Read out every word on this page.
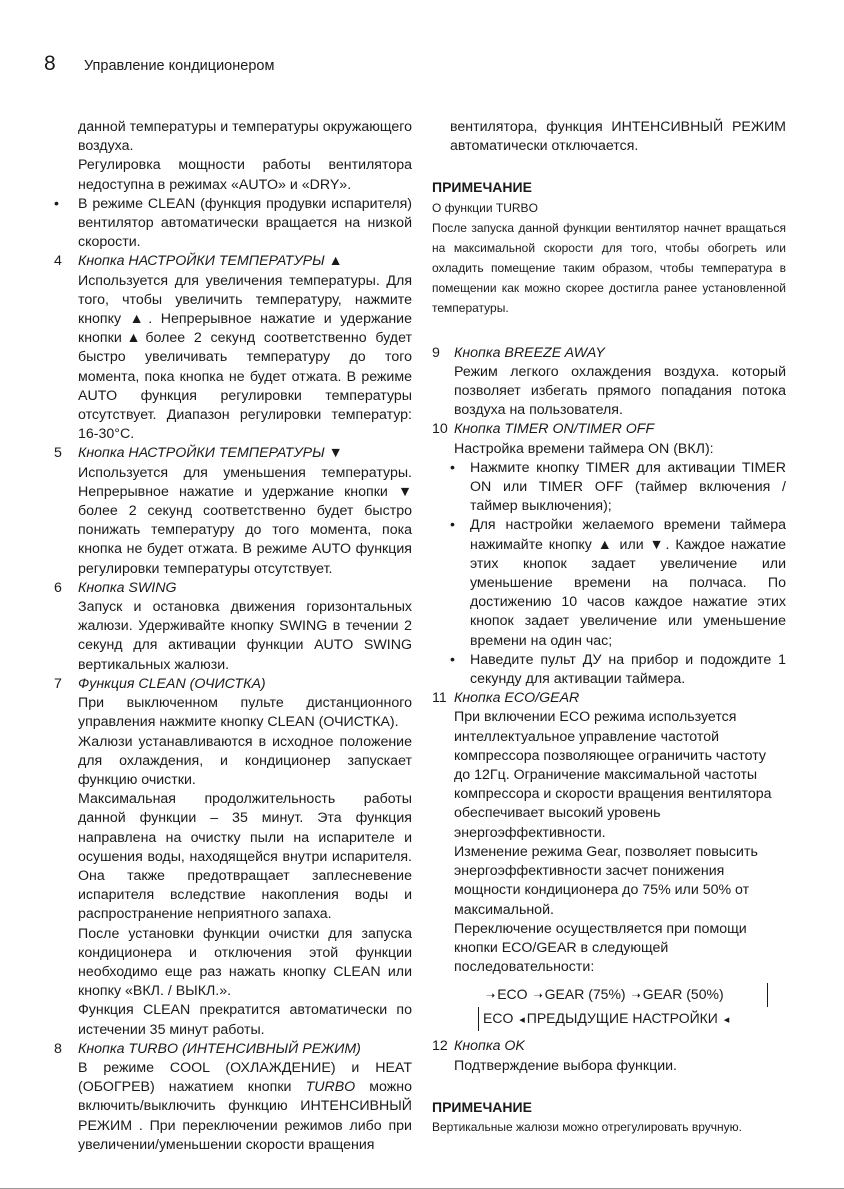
8	Управление кондиционером

данной температуры и температуры окружающего воздуха.

Регулировка мощности работы вентилятора недоступна в режимах «AUTO» и «DRY».

•	В режиме CLEAN (функция продувки испарителя) вентилятор автоматически вращается на низкой скорости.

4	Кнопка НАСТРОЙКИ ТЕМПЕРАТУРЫ ▲

Используется для увеличения температуры. Для того, чтобы увеличить температуру, нажмите кнопку ▲. Непрерывное нажатие и удержание кнопки▲более 2 секунд соответственно будет быстро увеличивать температуру до того момента, пока кнопка не будет отжата. В режиме AUTO функция регулировки температуры отсутствует. Диапазон регулировки температур: 16-30°С.

5	Кнопка НАСТРОЙКИ ТЕМПЕРАТУРЫ ▼

Используется для уменьшения температуры. Непрерывное нажатие и удержание кнопки ▼ более 2 секунд соответственно будет быстро понижать температуру до того момента, пока кнопка не будет отжата. В режиме AUTO функция регулировки температуры отсутствует.

6	Кнопка SWING

Запуск и остановка движения горизонтальных жалюзи. Удерживайте кнопку SWING в течении 2 секунд для активации функции AUTO SWING вертикальных жалюзи.

7	Функция CLEAN (ОЧИСТКА)

При выключенном пульте дистанционного управления нажмите кнопку CLEAN (ОЧИСТКА).

Жалюзи устанавливаются в исходное положение для охлаждения, и кондиционер запускает функцию очистки.

Максимальная продолжительность работы данной функции – 35 минут. Эта функция направлена на очистку пыли на испарителе и осушения воды, находящейся внутри испарителя. Она также предотвращает заплесневение испарителя вследствие накопления воды и распространение неприятного запаха.

После установки функции очистки для запуска кондиционера и отключения этой функции необходимо еще раз нажать кнопку CLEAN или кнопку «ВКЛ. / ВЫКЛ.».

Функция CLEAN прекратится автоматически по истечении 35 минут работы.

8	Кнопка TURBO (ИНТЕНСИВНЫЙ РЕЖИМ)

В режиме COOL (ОХЛАЖДЕНИЕ) и HEAT (ОБОГРЕВ) нажатием кнопки TURBO можно включить/выключить функцию ИНТЕНСИВНЫЙ РЕЖИМ . При переключении режимов либо при увеличении/уменьшении скорости вращения

вентилятора, функция ИНТЕНСИВНЫЙ РЕЖИМ автоматически отключается.

ПРИМЕЧАНИЕ

О функции TURBO

После запуска данной функции вентилятор начнет вращаться на максимальной скорости для того, чтобы обогреть или охладить помещение таким образом, чтобы температура в помещении как можно скорее достигла ранее установленной температуры.

9 Кнопка BREEZE AWAY

Режим легкого охлаждения воздуха. который позволяет избегать прямого попадания потока воздуха на пользователя.

10 Кнопка TIMER ON/TIMER OFF

Настройка времени таймера ON (ВКЛ):

•	Нажмите кнопку TIMER для активации TIMER ON или TIMER OFF (таймер включения / таймер выключения);

•	Для настройки желаемого времени таймера нажимайте кнопку ▲ или ▼. Каждое нажатие этих кнопок задает увеличение или уменьшение времени на полчаса. По достижению 10 часов каждое нажатие этих кнопок задает увеличение или уменьшение времени на один час;

•	Наведите пульт ДУ на прибор и подождите 1 секунду для активации таймера.

11 Кнопка ECO/GEAR

При включении ECO режима используется интеллектуальное управление частотой компрессора позволяющее ограничить частоту до 12Гц. Ограничение максимальной частоты компрессора и скорости вращения вентилятора обеспечивает высокий уровень энергоэффективности.

Изменение режима Gear, позволяет повысить энергоэффективности засчет понижения мощности кондиционера до 75% или 50% от максимальной.

Переключение осуществляется при помощи кнопки ECO/GEAR в следующей последовательности:

➝ ECO ➝ GEAR (75%) ➝ GEAR (50%)
ECO ◂ ПРЕДЫДУЩИЕ НАСТРОЙКИ ◂
12 Кнопка OK

Подтверждение выбора функции.

ПРИМЕЧАНИЕ

Вертикальные жалюзи можно отрегулировать вручную.
